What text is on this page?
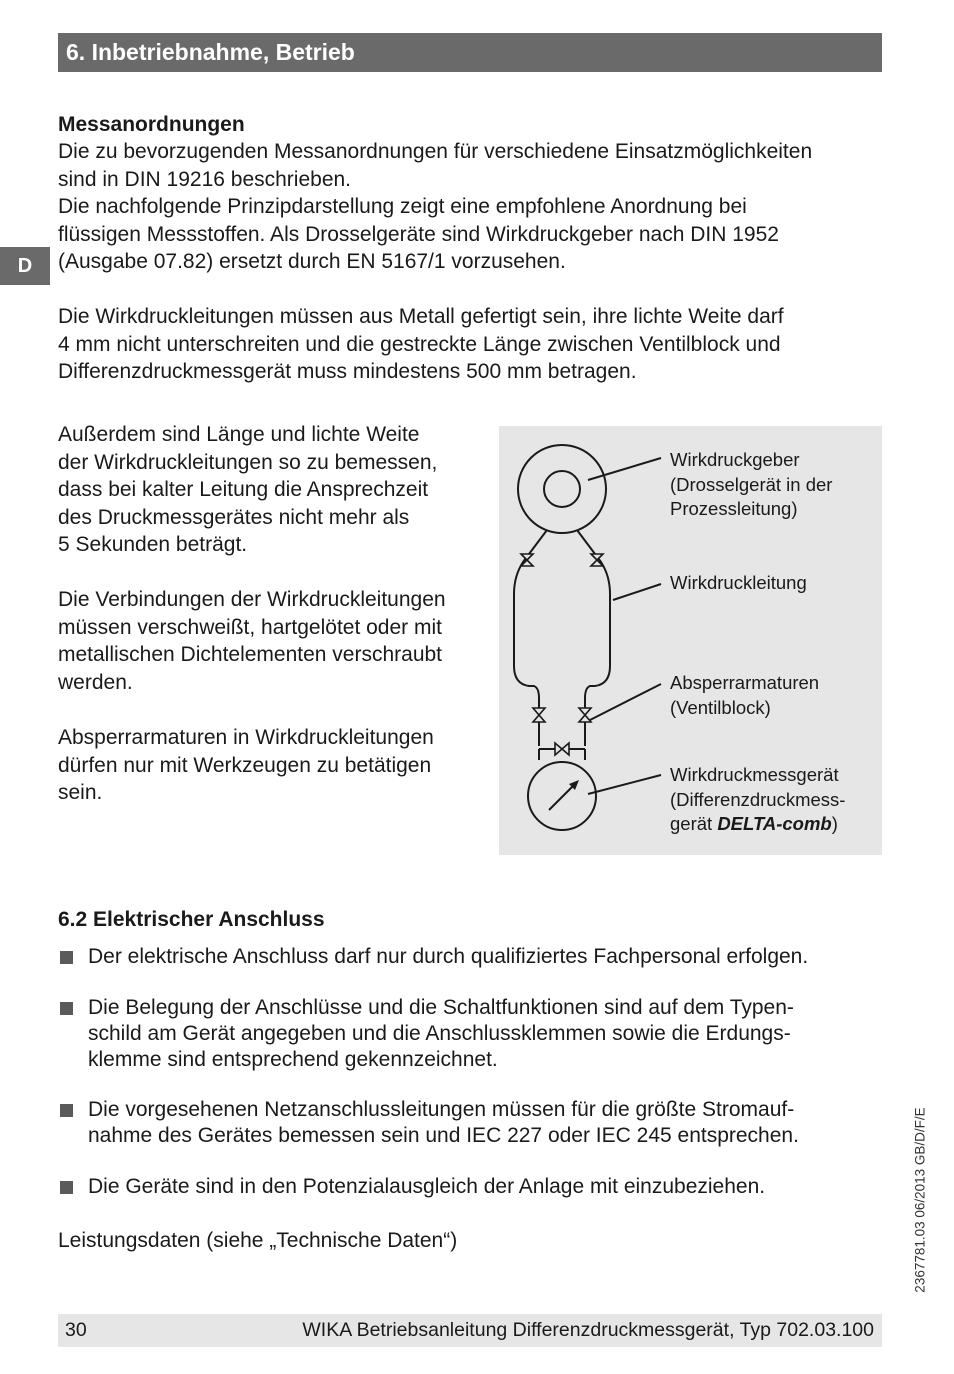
6. Inbetriebnahme, Betrieb
D

Messanordnungen

Die zu bevorzugenden Messanordnungen für verschiedene Einsatzmöglichkeiten

sind in DIN 19216 beschrieben.

Die nachfolgende Prinzipdarstellung zeigt eine empfohlene Anordnung bei

flüssigen Messstoffen. Als Drosselgeräte sind Wirkdruckgeber nach DIN 1952

(Ausgabe 07.82) ersetzt durch EN 5167/1 vorzusehen.

Die Wirkdruckleitungen müssen aus Metall gefertigt sein, ihre lichte Weite darf

4 mm nicht unterschreiten und die gestreckte Länge zwischen Ventilblock und

Differenzdruckmessgerät muss mindestens 500 mm betragen.

Außerdem sind Länge und lichte Weite

der Wirkdruckleitungen so zu bemessen,

dass bei kalter Leitung die Ansprechzeit

des Druckmessgerätes nicht mehr als

5 Sekunden beträgt.

Die Verbindungen der Wirkdruckleitungen

müssen verschweißt, hartgelötet oder mit

metallischen Dichtelementen verschraubt

werden.

Absperrarmaturen in Wirkdruckleitungen

dürfen nur mit Werkzeugen zu betätigen

sein.

Wirkdruckgeber
(Drosselgerät in der
Prozessleitung)
Wirkdruckleitung
Absperrarmaturen
(Ventilblock)
Wirkdruckmessgerät
(Differenzdruckmess-
gerät DELTA-comb)

6.2 Elektrischer Anschluss

Der elektrische Anschluss darf nur durch qualifiziertes Fachpersonal erfolgen.
Die Belegung der Anschlüsse und die Schaltfunktionen sind auf dem Typen-
schild am Gerät angegeben und die Anschlussklemmen sowie die Erdungs-
klemme sind entsprechend gekennzeichnet.
Die vorgesehenen Netzanschlussleitungen müssen für die größte Stromauf-
nahme des Gerätes bemessen sein und IEC 227 oder IEC 245 entsprechen.
Die Geräte sind in den Potenzialausgleich der Anlage mit einzubeziehen.

Leistungsdaten (siehe „Technische Daten“)	2367781.03 06/2013 GB/D/F/E
30	WIKA Betriebsanleitung Differenzdruckmessgerät, Typ 702.03.100
